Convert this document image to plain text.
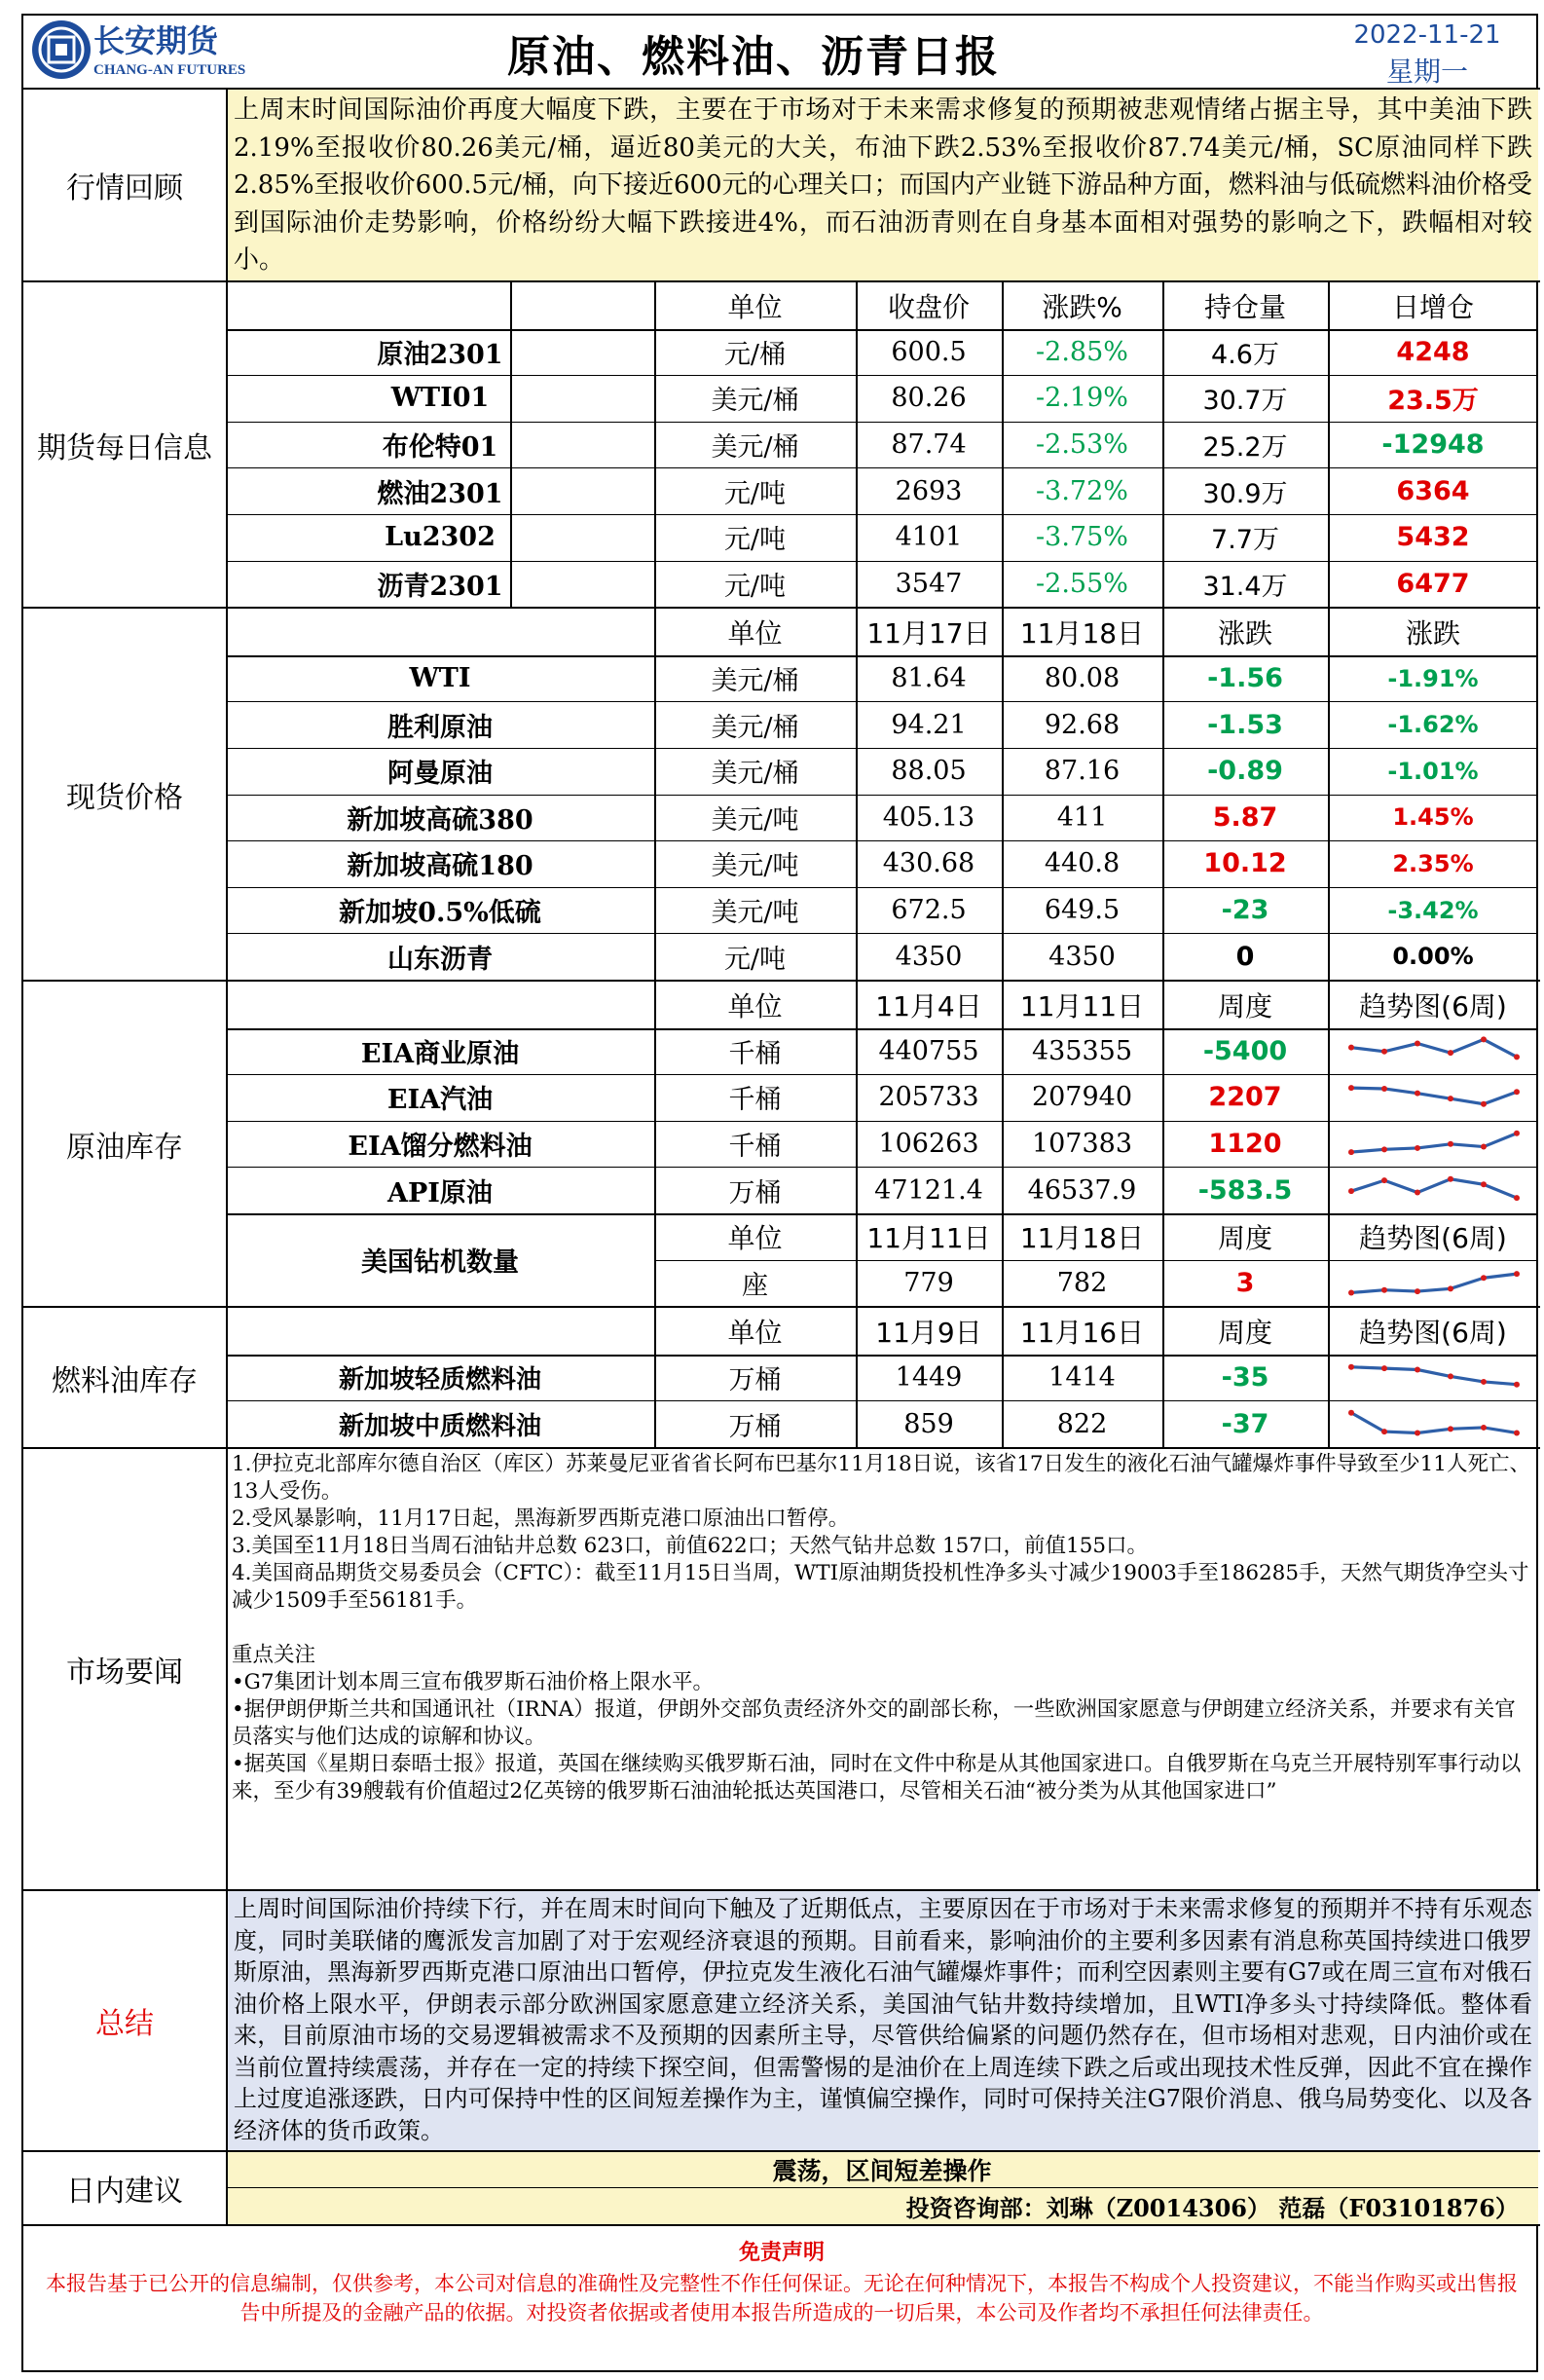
长安期货
CHANG-AN FUTURES	原油、燃料油、沥青日报	2022-11-21
星期一
行情回顾
上周末时间国际油价再度大幅度下跌，主要在于市场对于未来需求修复的预期被悲观情绪占据主导，其中美油下跌2.19%至报收价80.26美元/桶，逼近80美元的大关，布油下跌2.53%至报收价87.74美元/桶，SC原油同样下跌2.85%至报收价600.5元/桶，向下接近600元的心理关口；而国内产业链下游品种方面，燃料油与低硫燃料油价格受到国际油价走势影响，价格纷纷大幅下跌接进4%，而石油沥青则在自身基本面相对强势的影响之下，跌幅相对较小。
期货每日信息
单位	收盘价	涨跌%	持仓量	日增仓
原油2301	元/桶	600.5	-2.85%	4.6万	4248
WTI01	美元/桶	80.26	-2.19%	30.7万	23.5万
布伦特01	美元/桶	87.74	-2.53%	25.2万	-12948
燃油2301	元/吨	2693	-3.72%	30.9万	6364
Lu2302	元/吨	4101	-3.75%	7.7万	5432
沥青2301	元/吨	3547	-2.55%	31.4万	6477
现货价格
单位	11月17日	11月18日	涨跌	涨跌
WTI	美元/桶	81.64	80.08	-1.56	-1.91%
胜利原油	美元/桶	94.21	92.68	-1.53	-1.62%
阿曼原油	美元/桶	88.05	87.16	-0.89	-1.01%
新加坡高硫380	美元/吨	405.13	411	5.87	1.45%
新加坡高硫180	美元/吨	430.68	440.8	10.12	2.35%
新加坡0.5%低硫	美元/吨	672.5	649.5	-23	-3.42%
山东沥青	元/吨	4350	4350	0	0.00%
原油库存
单位	11月4日	11月11日	周度	趋势图(6周)
EIA商业原油	千桶	440755	435355	-5400
EIA汽油	千桶	205733	207940	2207
EIA馏分燃料油	千桶	106263	107383	1120
API原油	万桶	47121.4	46537.9	-583.5
美国钻机数量
单位	11月11日	11月18日	周度	趋势图(6周)
座	779	782	3
燃料油库存
单位	11月9日	11月16日	周度	趋势图(6周)
新加坡轻质燃料油	万桶	1449	1414	-35
新加坡中质燃料油	万桶	859	822	-37
市场要闻

1.伊拉克北部库尔德自治区（库区）苏莱曼尼亚省省长阿布巴基尔11月18日说，该省17日发生的液化石油气罐爆炸事件导致至少11人死亡、13人受伤。

2.受风暴影响，11月17日起，黑海新罗西斯克港口原油出口暂停。

3.美国至11月18日当周石油钻井总数 623口，前值622口；天然气钻井总数 157口，前值155口。

4.美国商品期货交易委员会（CFTC）：截至11月15日当周，WTI原油期货投机性净多头寸减少19003手至186285手，天然气期货净空头寸减少1509手至56181手。

重点关注

•G7集团计划本周三宣布俄罗斯石油价格上限水平。

•据伊朗伊斯兰共和国通讯社（IRNA）报道，伊朗外交部负责经济外交的副部长称，一些欧洲国家愿意与伊朗建立经济关系，并要求有关官员落实与他们达成的谅解和协议。

•据英国《星期日泰晤士报》报道，英国在继续购买俄罗斯石油，同时在文件中称是从其他国家进口。自俄罗斯在乌克兰开展特别军事行动以来，至少有39艘载有价值超过2亿英镑的俄罗斯石油油轮抵达英国港口，尽管相关石油“被分类为从其他国家进口”

总结
上周时间国际油价持续下行，并在周末时间向下触及了近期低点，主要原因在于市场对于未来需求修复的预期并不持有乐观态度，同时美联储的鹰派发言加剧了对于宏观经济衰退的预期。目前看来，影响油价的主要利多因素有消息称英国持续进口俄罗斯原油，黑海新罗西斯克港口原油出口暂停，伊拉克发生液化石油气罐爆炸事件；而利空因素则主要有G7或在周三宣布对俄石油价格上限水平，伊朗表示部分欧洲国家愿意建立经济关系，美国油气钻井数持续增加，且WTI净多头寸持续降低。整体看来，目前原油市场的交易逻辑被需求不及预期的因素所主导，尽管供给偏紧的问题仍然存在，但市场相对悲观，日内油价或在当前位置持续震荡，并存在一定的持续下探空间，但需警惕的是油价在上周连续下跌之后或出现技术性反弹，因此不宜在操作上过度追涨逐跌，日内可保持中性的区间短差操作为主，谨慎偏空操作，同时可保持关注G7限价消息、俄乌局势变化、以及各经济体的货币政策。
日内建议
震荡，区间短差操作
投资咨询部：刘琳（Z0014306） 范磊（F03101876）
免责声明
本报告基于已公开的信息编制，仅供参考，本公司对信息的准确性及完整性不作任何保证。无论在何种情况下，本报告不构成个人投资建议，不能当作购买或出售报告中所提及的金融产品的依据。对投资者依据或者使用本报告所造成的一切后果，本公司及作者均不承担任何法律责任。
